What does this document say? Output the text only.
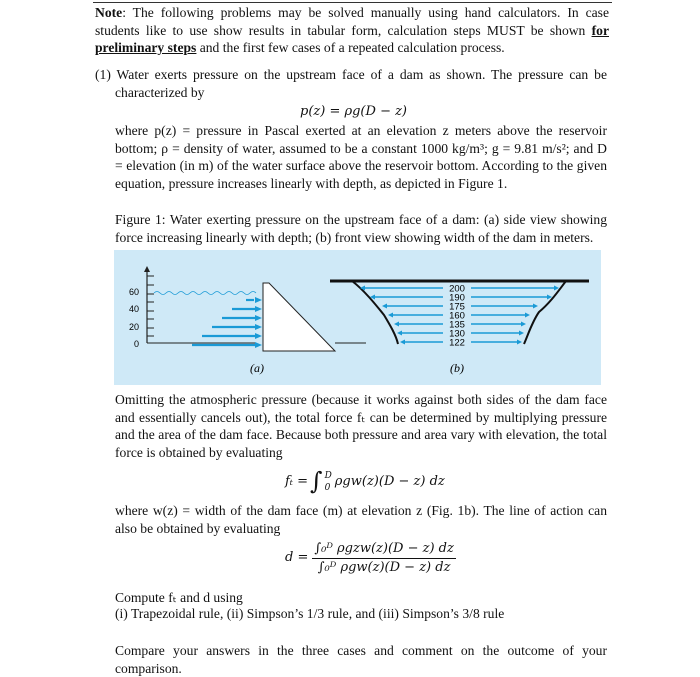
Note: The following problems may be solved manually using hand calculators. In case students like to use show results in tabular form, calculation steps MUST be shown for preliminary steps and the first few cases of a repeated calculation process.
(1) Water exerts pressure on the upstream face of a dam as shown. The pressure can be characterized by
p(z) = ρg(D − z)
where p(z) = pressure in Pascal exerted at an elevation z meters above the reservoir bottom; ρ = density of water, assumed to be a constant 1000 kg/m³; g = 9.81 m/s²; and D = elevation (in m) of the water surface above the reservoir bottom. According to the given equation, pressure increases linearly with depth, as depicted in Figure 1.
Figure 1: Water exerting pressure on the upstream face of a dam: (a) side view showing force increasing linearly with depth; (b) front view showing width of the dam in meters.
60
40
20
0
200
190
175
160
135
130
122
(a)	(b)
Omitting the atmospheric pressure (because it works against both sides of the dam face and essentially cancels out), the total force fₜ can be determined by multiplying pressure and the area of the dam face. Because both pressure and area vary with elevation, the total force is obtained by evaluating
fₜ = ∫ D
0 ρgw(z)(D − z) dz
where w(z) = width of the dam face (m) at elevation z (Fig. 1b). The line of action can also be obtained by evaluating
$d = \frac{\text{∫₀ᴰ ρgzw(z)(D − z) dz}}{\text{∫₀ᴰ ρgw(z)(D − z) dz}}$
Compute fₜ and d using
(i) Trapezoidal rule, (ii) Simpson’s 1/3 rule, and (iii) Simpson’s 3/8 rule
Compare your answers in the three cases and comment on the outcome of your comparison.
